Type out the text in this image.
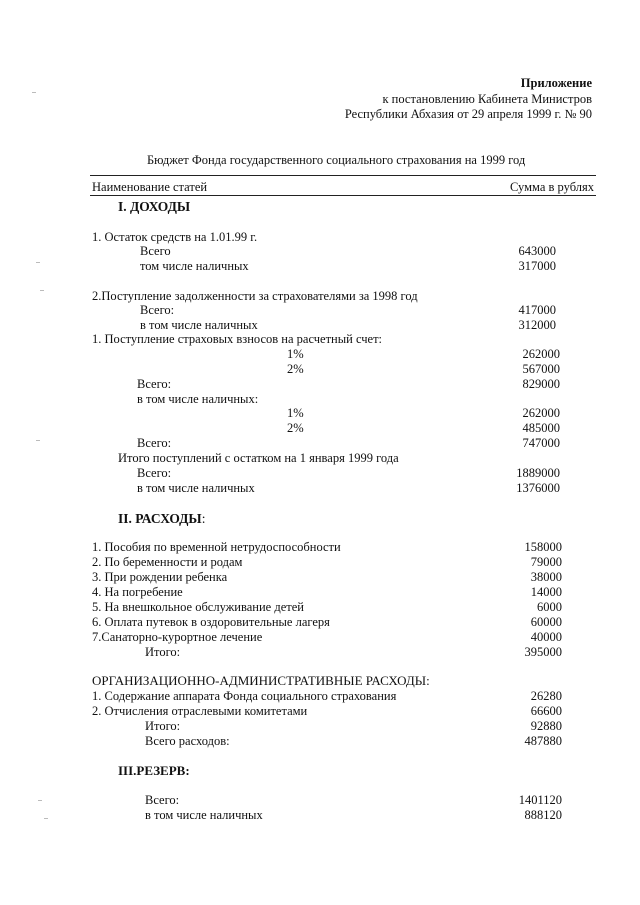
Приложение
к постановлению Кабинета Министров
Республики Абхазия от 29 апреля 1999 г. № 90
Бюджет Фонда государственного социального страхования на 1999 год
Наименование статей	Сумма в рублях
I. ДОХОДЫ
1. Остаток средств на 1.01.99 г.
Всего	643000
том числе наличных	317000
2.Поступление задолженности за страхователями за 1998 год
Всего:	417000
в том числе наличных	312000
1. Поступление страховых взносов на расчетный счет:
1%	262000
2%	567000
Всего:	829000
в том числе наличных:
1%	262000
2%	485000
Всего:	747000
Итого поступлений с остатком на 1 января 1999 года
Всего:	1889000
в том числе наличных	1376000
II. РАСХОДЫ:
1. Пособия по временной нетрудоспособности	158000
2. По беременности и родам	79000
3. При рождении ребенка	38000
4. На погребение	14000
5. На внешкольное обслуживание детей	6000
6. Оплата путевок в оздоровительные лагеря	60000
7.Санаторно-курортное лечение	40000
Итого:	395000
ОРГАНИЗАЦИОННО-АДМИНИСТРАТИВНЫЕ РАСХОДЫ:
1. Содержание аппарата Фонда социального страхования	26280
2. Отчисления отраслевыми комитетами	66600
Итого:	92880
Всего расходов:	487880
III.РЕЗЕРВ:
Всего:	1401120
в том числе наличных	888120
